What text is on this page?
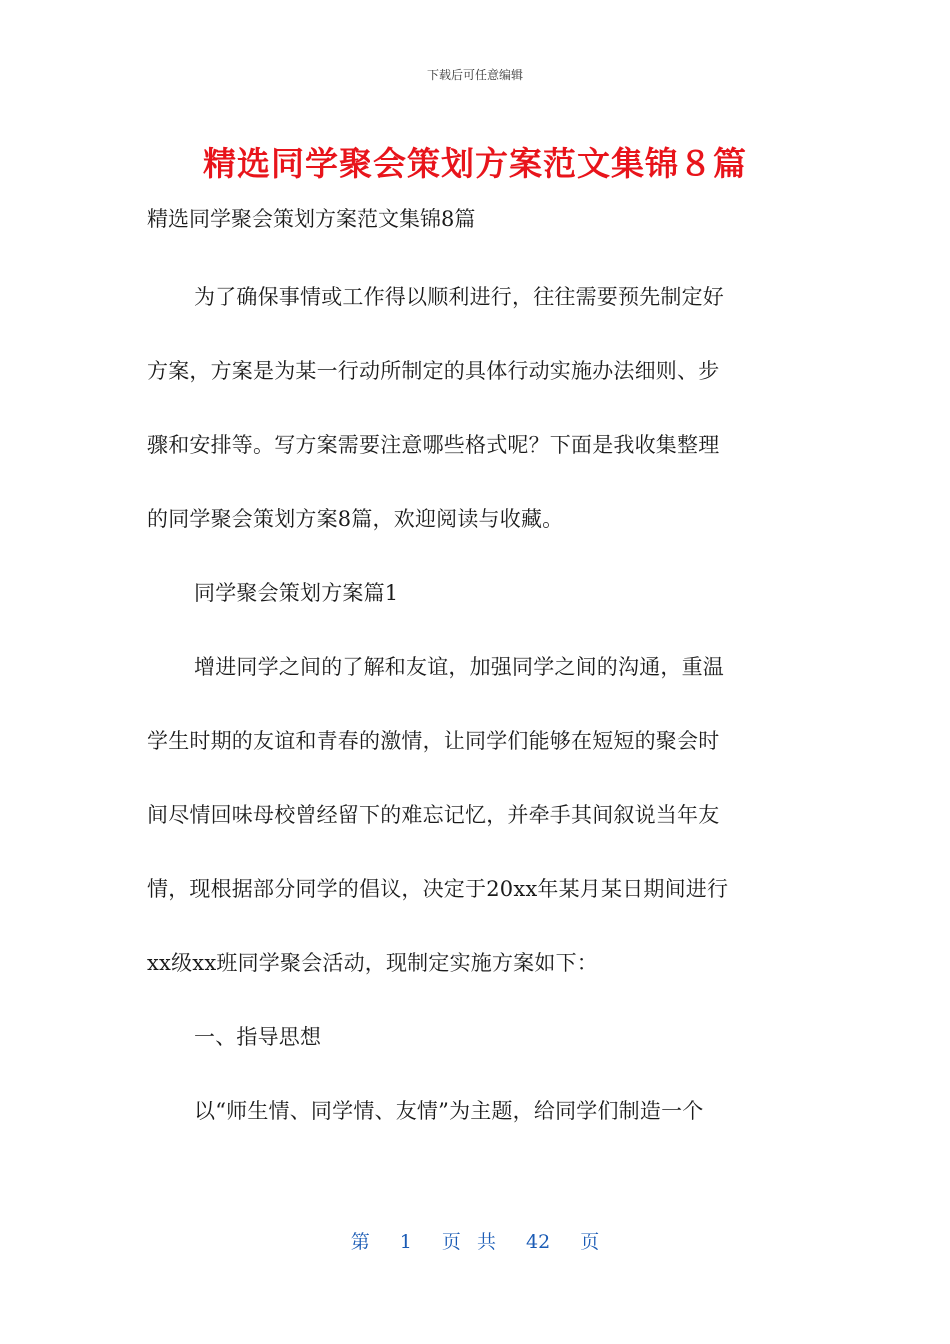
下载后可任意编辑
精选同学聚会策划方案范文集锦８篇
精选同学聚会策划方案范文集锦8篇
为了确保事情或工作得以顺利进行，往往需要预先制定好
方案，方案是为某一行动所制定的具体行动实施办法细则、步
骤和安排等。写方案需要注意哪些格式呢？下面是我收集整理
的同学聚会策划方案8篇，欢迎阅读与收藏。
同学聚会策划方案篇1
增进同学之间的了解和友谊，加强同学之间的沟通，重温
学生时期的友谊和青春的激情，让同学们能够在短短的聚会时
间尽情回味母校曾经留下的难忘记忆，并牵手其间叙说当年友
情，现根据部分同学的倡议，决定于20xx年某月某日期间进行
xx级xx班同学聚会活动，现制定实施方案如下：
一、指导思想
以“师生情、同学情、友情”为主题，给同学们制造一个
第 1 页 共 42 页
